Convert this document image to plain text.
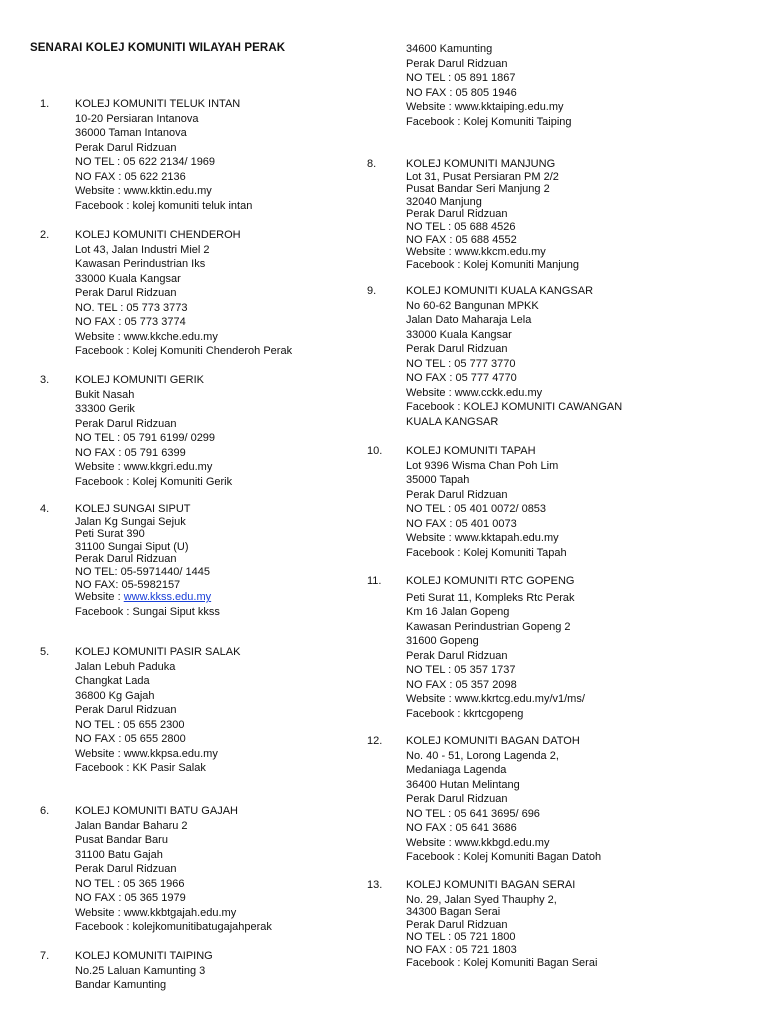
SENARAI KOLEJ KOMUNITI WILAYAH PERAK	34600 Kamunting
Perak Darul Ridzuan
NO TEL : 05 891 1867
NO FAX : 05 805 1946
Website : www.kktaiping.edu.my
Facebook : Kolej Komuniti Taiping
1. KOLEJ KOMUNITI TELUK INTAN
10-20 Persiaran Intanova
36000 Taman Intanova
Perak Darul Ridzuan
NO TEL : 05 622 2134/ 1969
NO FAX : 05 622 2136
Website : www.kktin.edu.my
Facebook : kolej komuniti teluk intan
2. KOLEJ KOMUNITI CHENDEROH
Lot 43, Jalan Industri Miel 2
Kawasan Perindustrian Iks
33000 Kuala Kangsar
Perak Darul Ridzuan
NO. TEL : 05 773 3773
NO FAX : 05 773 3774
Website : www.kkche.edu.my
Facebook : Kolej Komuniti Chenderoh Perak
3. KOLEJ KOMUNITI GERIK
Bukit Nasah
33300 Gerik
Perak Darul Ridzuan
NO TEL : 05 791 6199/ 0299
NO FAX : 05 791 6399
Website : www.kkgri.edu.my
Facebook : Kolej Komuniti Gerik
4. KOLEJ SUNGAI SIPUT
Jalan Kg Sungai Sejuk
Peti Surat 390
31100 Sungai Siput (U)
Perak Darul Ridzuan
NO TEL: 05-5971440/ 1445
NO FAX: 05-5982157
Website : www.kkss.edu.my
Facebook : Sungai Siput kkss
5. KOLEJ KOMUNITI PASIR SALAK
Jalan Lebuh Paduka
Changkat Lada
36800 Kg Gajah
Perak Darul Ridzuan
NO TEL : 05 655 2300
NO FAX : 05 655 2800
Website : www.kkpsa.edu.my
Facebook : KK Pasir Salak
6. KOLEJ KOMUNITI BATU GAJAH
Jalan Bandar Baharu 2
Pusat Bandar Baru
31100 Batu Gajah
Perak Darul Ridzuan
NO TEL : 05 365 1966
NO FAX : 05 365 1979
Website : www.kkbtgajah.edu.my
Facebook : kolejkomunitibatugajahperak
7. KOLEJ KOMUNITI TAIPING
No.25 Laluan Kamunting 3
Bandar Kamunting
8.	KOLEJ KOMUNITI MANJUNG
Lot 31, Pusat Persiaran PM 2/2
Pusat Bandar Seri Manjung 2
32040 Manjung
Perak Darul Ridzuan
NO TEL : 05 688 4526
NO FAX : 05 688 4552
Website : www.kkcm.edu.my
Facebook : Kolej Komuniti Manjung
9.	KOLEJ KOMUNITI KUALA KANGSAR
No 60-62 Bangunan MPKK
Jalan Dato Maharaja Lela
33000 Kuala Kangsar
Perak Darul Ridzuan
NO TEL : 05 777 3770
NO FAX : 05 777 4770
Website : www.cckk.edu.my
Facebook : KOLEJ KOMUNITI CAWANGAN
KUALA KANGSAR
10. KOLEJ KOMUNITI TAPAH
Lot 9396 Wisma Chan Poh Lim
35000 Tapah
Perak Darul Ridzuan
NO TEL : 05 401 0072/ 0853
NO FAX : 05 401 0073
Website : www.kktapah.edu.my
Facebook : Kolej Komuniti Tapah
11. KOLEJ KOMUNITI RTC GOPENG
Peti Surat 11, Kompleks Rtc Perak
Km 16 Jalan Gopeng
Kawasan Perindustrian Gopeng 2
31600 Gopeng
Perak Darul Ridzuan
NO TEL : 05 357 1737
NO FAX : 05 357 2098
Website : www.kkrtcg.edu.my/v1/ms/
Facebook : kkrtcgopeng
12. KOLEJ KOMUNITI BAGAN DATOH
No. 40 - 51, Lorong Lagenda 2,
Medaniaga Lagenda
36400 Hutan Melintang
Perak Darul Ridzuan
NO TEL : 05 641 3695/ 696
NO FAX : 05 641 3686
Website : www.kkbgd.edu.my
Facebook : Kolej Komuniti Bagan Datoh
13. KOLEJ KOMUNITI BAGAN SERAI
No. 29, Jalan Syed Thauphy 2,
34300 Bagan Serai
Perak Darul Ridzuan
NO TEL : 05 721 1800
NO FAX : 05 721 1803
Facebook : Kolej Komuniti Bagan Serai
